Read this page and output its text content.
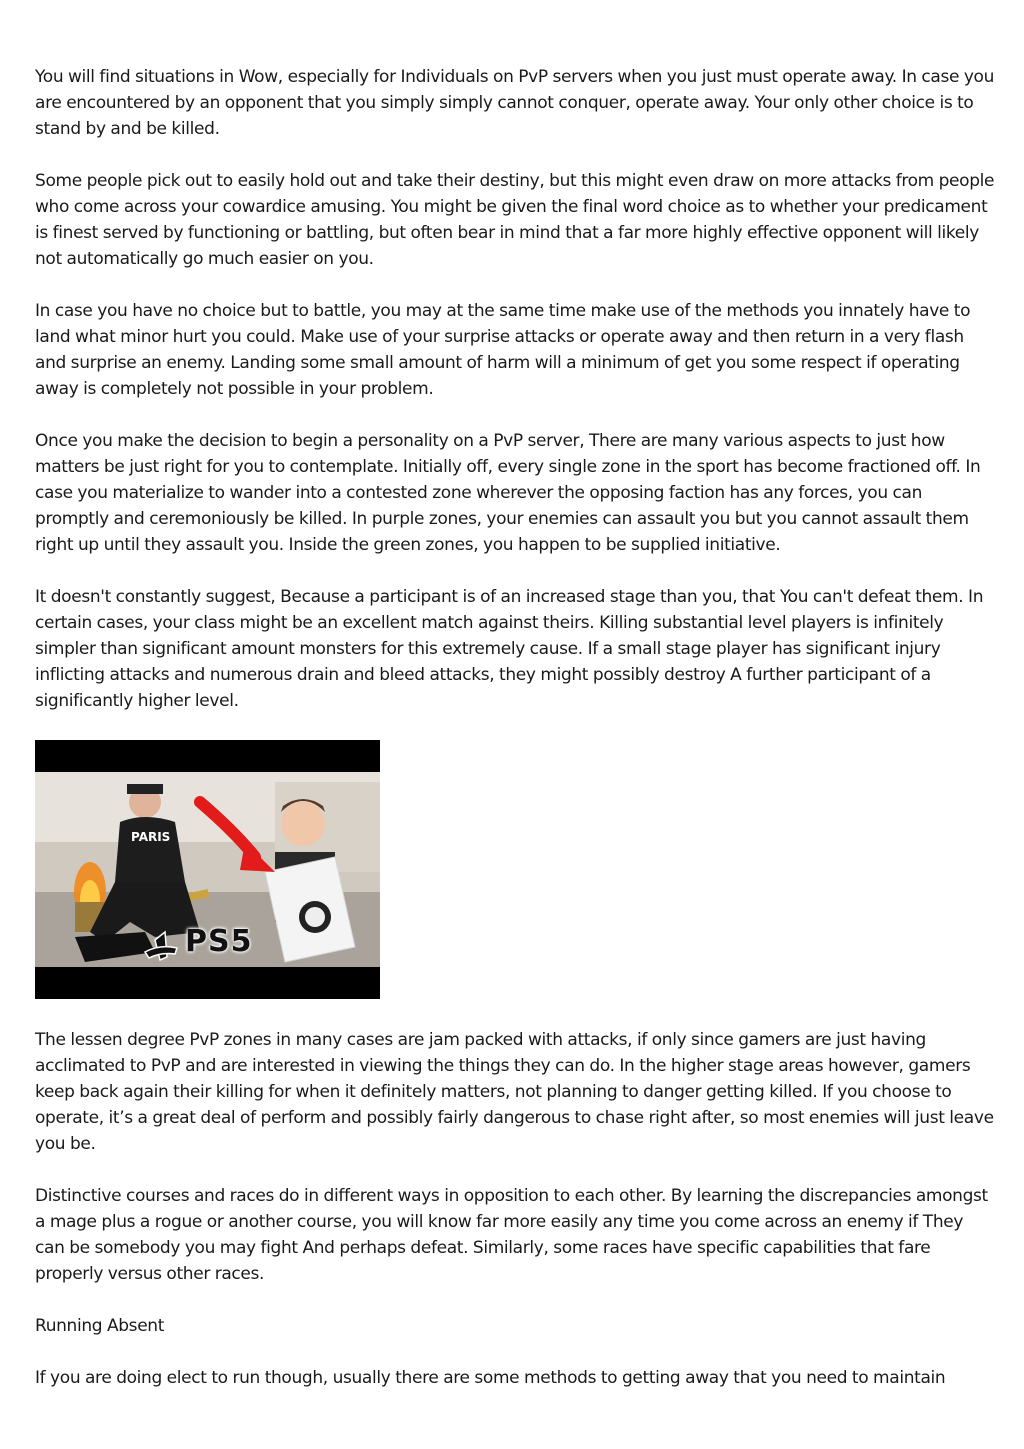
You will find situations in Wow, especially for Individuals on PvP servers when you just must operate away. In case you are encountered by an opponent that you simply simply cannot conquer, operate away. Your only other choice is to stand by and be killed.

Some people pick out to easily hold out and take their destiny, but this might even draw on more attacks from people who come across your cowardice amusing. You might be given the final word choice as to whether your predicament is finest served by functioning or battling, but often bear in mind that a far more highly effective opponent will likely not automatically go much easier on you.

In case you have no choice but to battle, you may at the same time make use of the methods you innately have to land what minor hurt you could. Make use of your surprise attacks or operate away and then return in a very flash and surprise an enemy. Landing some small amount of harm will a minimum of get you some respect if operating away is completely not possible in your problem.

Once you make the decision to begin a personality on a PvP server, There are many various aspects to just how matters be just right for you to contemplate. Initially off, every single zone in the sport has become fractioned off. In case you materialize to wander into a contested zone wherever the opposing faction has any forces, you can promptly and ceremoniously be killed. In purple zones, your enemies can assault you but you cannot assault them right up until they assault you. Inside the green zones, you happen to be supplied initiative.

It doesn't constantly suggest, Because a participant is of an increased stage than you, that You can't defeat them. In certain cases, your class might be an excellent match against theirs. Killing substantial level players is infinitely simpler than significant amount monsters for this extremely cause. If a small stage player has significant injury inflicting attacks and numerous drain and bleed attacks, they might possibly destroy A further participant of a significantly higher level.

PS5
PARIS

The lessen degree PvP zones in many cases are jam packed with attacks, if only since gamers are just having acclimated to PvP and are interested in viewing the things they can do. In the higher stage areas however, gamers keep back again their killing for when it definitely matters, not planning to danger getting killed. If you choose to operate, it’s a great deal of perform and possibly fairly dangerous to chase right after, so most enemies will just leave you be.

Distinctive courses and races do in different ways in opposition to each other. By learning the discrepancies amongst a mage plus a rogue or another course, you will know far more easily any time you come across an enemy if They can be somebody you may fight And perhaps defeat. Similarly, some races have specific capabilities that fare properly versus other races.

Running Absent

If you are doing elect to run though, usually there are some methods to getting away that you need to maintain
